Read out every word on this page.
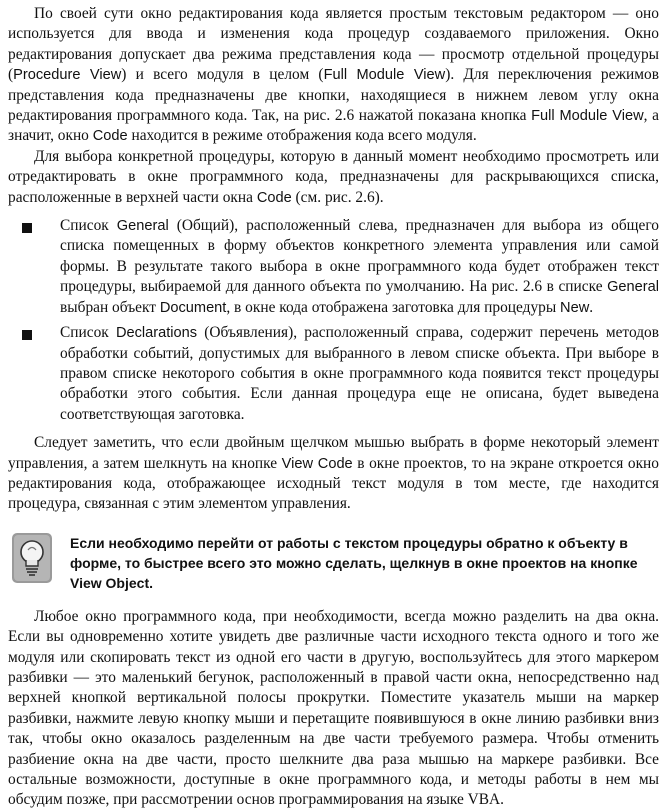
По своей сути окно редактирования кода является простым текстовым редактором — оно используется для ввода и изменения кода процедур создаваемого приложения. Окно редактирования допускает два режима представления кода — просмотр отдельной процедуры (Procedure View) и всего модуля в целом (Full Module View). Для переключения режимов представления кода предназначены две кнопки, находящиеся в нижнем левом углу окна редактирования программного кода. Так, на рис. 2.6 нажатой показана кнопка Full Module View, а значит, окно Code находится в режиме отображения кода всего модуля.

Для выбора конкретной процедуры, которую в данный момент необходимо просмотреть или отредактировать в окне программного кода, предназначены для раскрывающихся списка, расположенные в верхней части окна Code (см. рис. 2.6).

Список General (Общий), расположенный слева, предназначен для выбора из общего списка помещенных в форму объектов конкретного элемента управления или самой формы. В результате такого выбора в окне программного кода будет отображен текст процедуры, выбираемой для данного объекта по умолчанию. На рис. 2.6 в списке General выбран объект Document, в окне кода отображена заготовка для процедуры New.

Список Declarations (Объявления), расположенный справа, содержит перечень методов обработки событий, допустимых для выбранного в левом списке объекта. При выборе в правом списке некоторого события в окне программного кода появится текст процедуры обработки этого события. Если данная процедура еще не описана, будет выведена соответствующая заготовка.

Следует заметить, что если двойным щелчком мышью выбрать в форме некоторый элемент управления, а затем шелкнуть на кнопке View Code в окне проектов, то на экране откроется окно редактирования кода, отображающее исходный текст модуля в том месте, где находится процедура, связанная с этим элементом управления.

Если необходимо перейти от работы с текстом процедуры обратно к объекту в форме, то быстрее всего это можно сделать, щелкнув в окне проектов на кнопке View Object.

Любое окно программного кода, при необходимости, всегда можно разделить на два окна. Если вы одновременно хотите увидеть две различные части исходного текста одного и того же модуля или скопировать текст из одной его части в другую, воспользуйтесь для этого маркером разбивки — это маленький бегунок, расположенный в правой части окна, непосредственно над верхней кнопкой вертикальной полосы прокрутки. Поместите указатель мыши на маркер разбивки, нажмите левую кнопку мыши и перетащите появившуюся в окне линию разбивки вниз так, чтобы окно оказалось разделенным на две части требуемого размера. Чтобы отменить разбиение окна на две части, просто шелкните два раза мышью на маркере разбивки. Все остальные возможности, доступные в окне программного кода, и методы работы в нем мы обсудим позже, при рассмотрении основ программирования на языке VBA.
